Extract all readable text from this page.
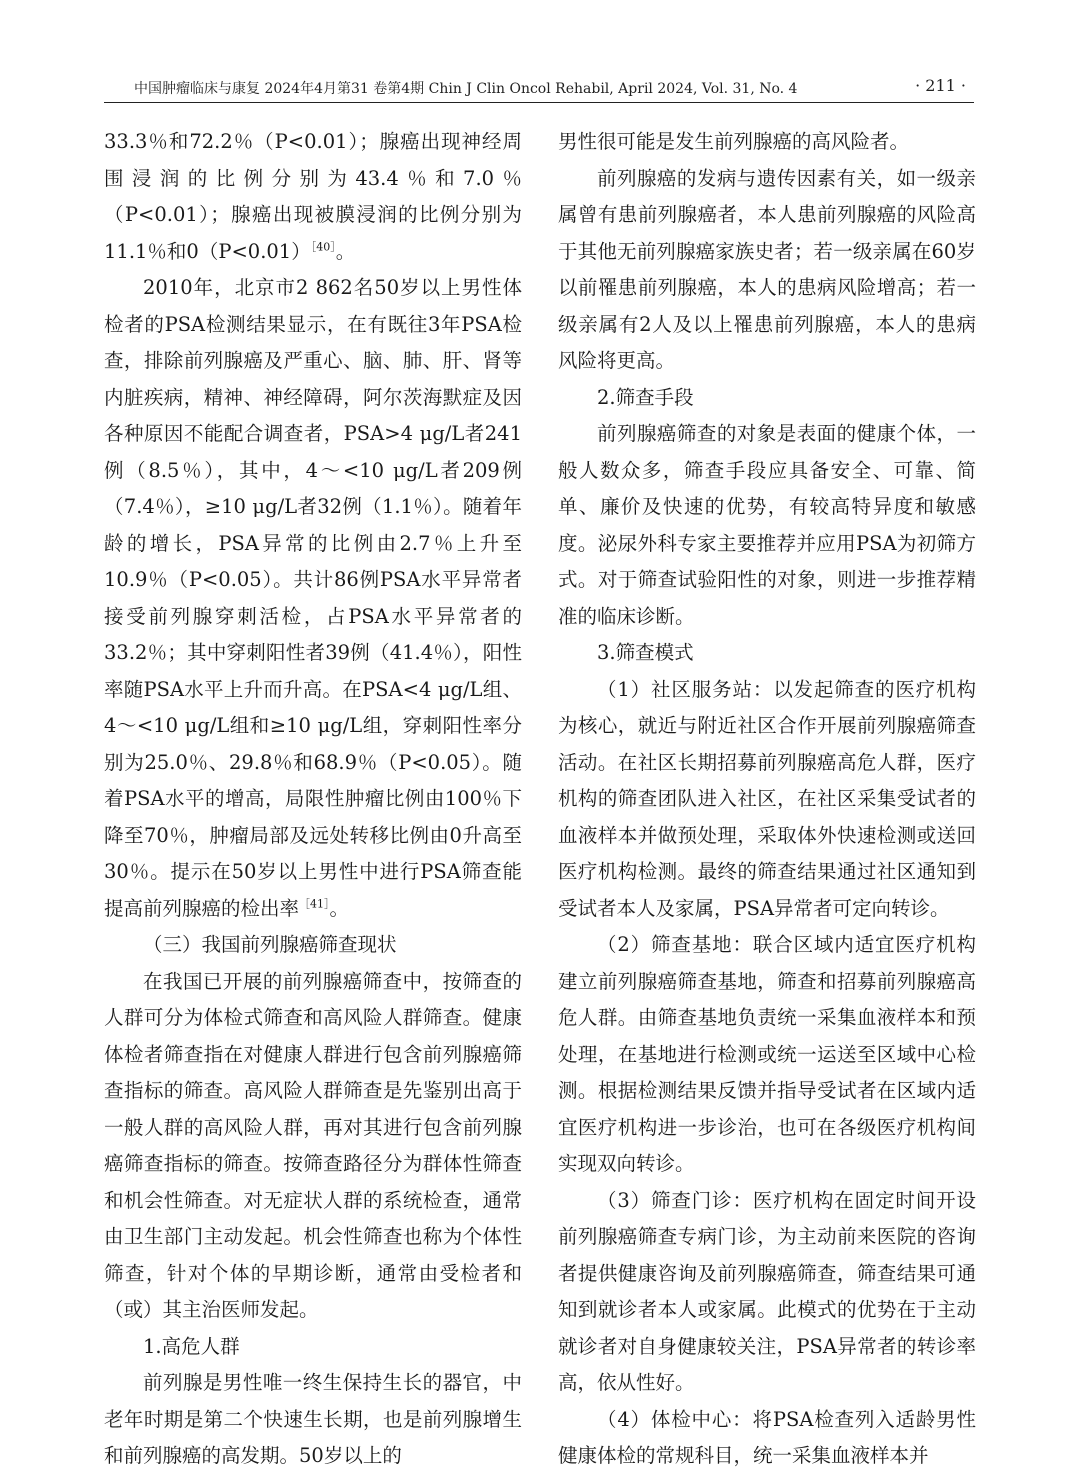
中国肿瘤临床与康复 2024年4月第31 卷第4期 Chin J Clin Oncol Rehabil, April 2024, Vol. 31, No. 4	· 211 ·

33.3％和72.2％（P<0.01）；腺癌出现神经周围浸润的比例分别为43.4％和7.0％（P<0.01）；腺癌出现被膜浸润的比例分别为11.1％和0（P<0.01）$^{[40]}$。

2010年，北京市2 862名50岁以上男性体检者的PSA检测结果显示，在有既往3年PSA检查，排除前列腺癌及严重心、脑、肺、肝、肾等内脏疾病，精神、神经障碍，阿尔茨海默症及因各种原因不能配合调查者，PSA>4 μg/L者241例（8.5％），其中，4～<10 μg/L者209例（7.4％），≥10 μg/L者32例（1.1％）。随着年龄的增长，PSA异常的比例由2.7％上升至10.9％（P<0.05）。共计86例PSA水平异常者接受前列腺穿刺活检，占PSA水平异常者的33.2％；其中穿刺阳性者39例（41.4％），阳性率随PSA水平上升而升高。在PSA<4 μg/L组、4～<10 μg/L组和≥10 μg/L组，穿刺阳性率分别为25.0％、29.8％和68.9％（P<0.05）。随着PSA水平的增高，局限性肿瘤比例由100％下降至70％，肿瘤局部及远处转移比例由0升高至30％。提示在50岁以上男性中进行PSA筛查能提高前列腺癌的检出率$^{[41]}$。

（三）我国前列腺癌筛查现状

在我国已开展的前列腺癌筛查中，按筛查的人群可分为体检式筛查和高风险人群筛查。健康体检者筛查指在对健康人群进行包含前列腺癌筛查指标的筛查。高风险人群筛查是先鉴别出高于一般人群的高风险人群，再对其进行包含前列腺癌筛查指标的筛查。按筛查路径分为群体性筛查和机会性筛查。对无症状人群的系统检查，通常由卫生部门主动发起。机会性筛查也称为个体性筛查，针对个体的早期诊断，通常由受检者和（或）其主治医师发起。

1.高危人群

前列腺是男性唯一终生保持生长的器官，中老年时期是第二个快速生长期，也是前列腺增生和前列腺癌的高发期。50岁以上的

男性很可能是发生前列腺癌的高风险者。

前列腺癌的发病与遗传因素有关，如一级亲属曾有患前列腺癌者，本人患前列腺癌的风险高于其他无前列腺癌家族史者；若一级亲属在60岁以前罹患前列腺癌，本人的患病风险增高；若一级亲属有2人及以上罹患前列腺癌，本人的患病风险将更高。

2.筛查手段

前列腺癌筛查的对象是表面的健康个体，一般人数众多，筛查手段应具备安全、可靠、简单、廉价及快速的优势，有较高特异度和敏感度。泌尿外科专家主要推荐并应用PSA为初筛方式。对于筛查试验阳性的对象，则进一步推荐精准的临床诊断。

3.筛查模式

（1）社区服务站：以发起筛查的医疗机构为核心，就近与附近社区合作开展前列腺癌筛查活动。在社区长期招募前列腺癌高危人群，医疗机构的筛查团队进入社区，在社区采集受试者的血液样本并做预处理，采取体外快速检测或送回医疗机构检测。最终的筛查结果通过社区通知到受试者本人及家属，PSA异常者可定向转诊。

（2）筛查基地：联合区域内适宜医疗机构建立前列腺癌筛查基地，筛查和招募前列腺癌高危人群。由筛查基地负责统一采集血液样本和预处理，在基地进行检测或统一运送至区域中心检测。根据检测结果反馈并指导受试者在区域内适宜医疗机构进一步诊治，也可在各级医疗机构间实现双向转诊。

（3）筛查门诊：医疗机构在固定时间开设前列腺癌筛查专病门诊，为主动前来医院的咨询者提供健康咨询及前列腺癌筛查，筛查结果可通知到就诊者本人或家属。此模式的优势在于主动就诊者对自身健康较关注，PSA异常者的转诊率高，依从性好。

（4）体检中心：将PSA检查列入适龄男性健康体检的常规科目，统一采集血液样本并
